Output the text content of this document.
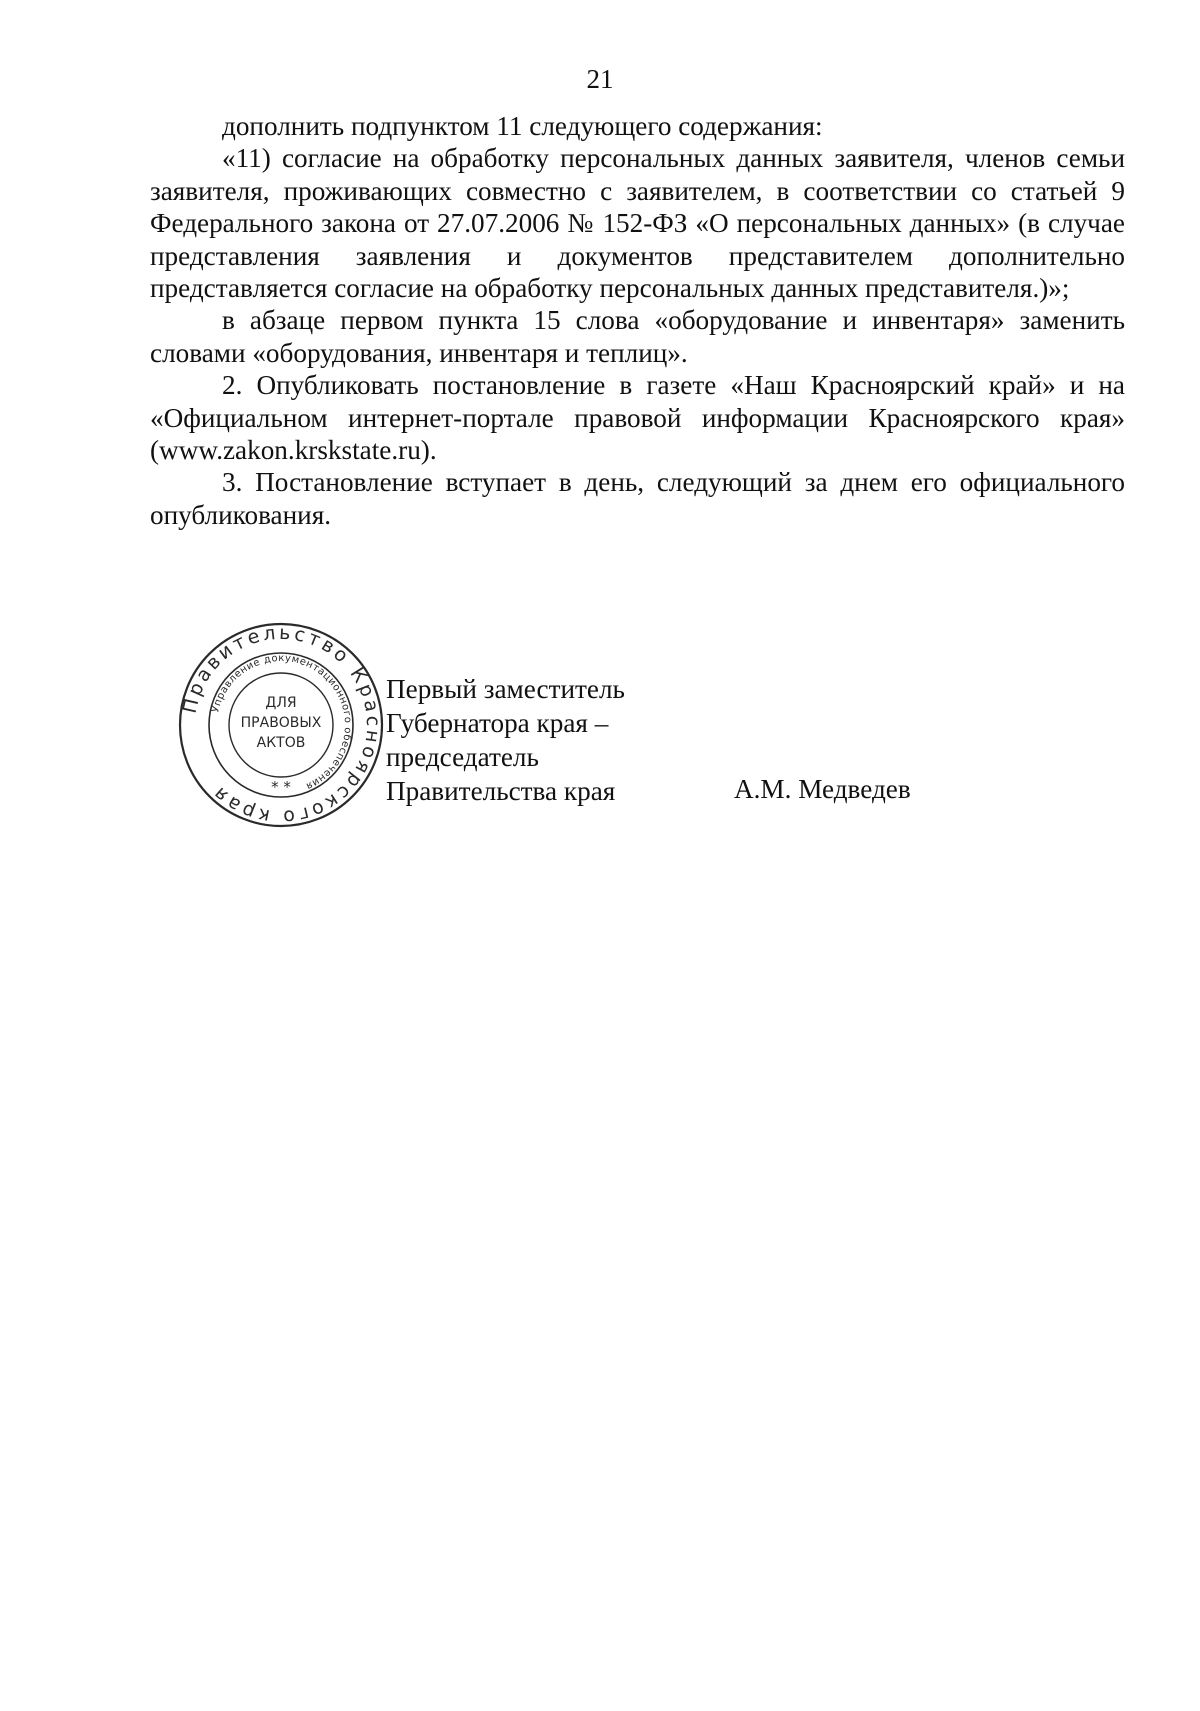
21

дополнить подпунктом 11 следующего содержания:

«11) согласие на обработку персональных данных заявителя, членов семьи заявителя, проживающих совместно с заявителем, в соответствии со статьей 9 Федерального закона от 27.07.2006 № 152-ФЗ «О персональных данных» (в случае представления заявления и документов представителем дополнительно представляется согласие на обработку персональных данных представителя.)»;

в абзаце первом пункта 15 слова «оборудование и инвентаря» заменить словами «оборудования, инвентаря и теплиц».

2. Опубликовать постановление в газете «Наш Красноярский край» и на «Официальном интернет-портале правовой информации Красноярского края» (www.zakon.krskstate.ru).

3. Постановление вступает в день, следующий за днем его официального опубликования.

Правительство Красноярского края
Управление документационного обеспечения
ДЛЯ
ПРАВОВЫХ
АКТОВ
* *
Первый заместитель
Губернатора края –
председатель
Правительства края	А.М. Медведев
